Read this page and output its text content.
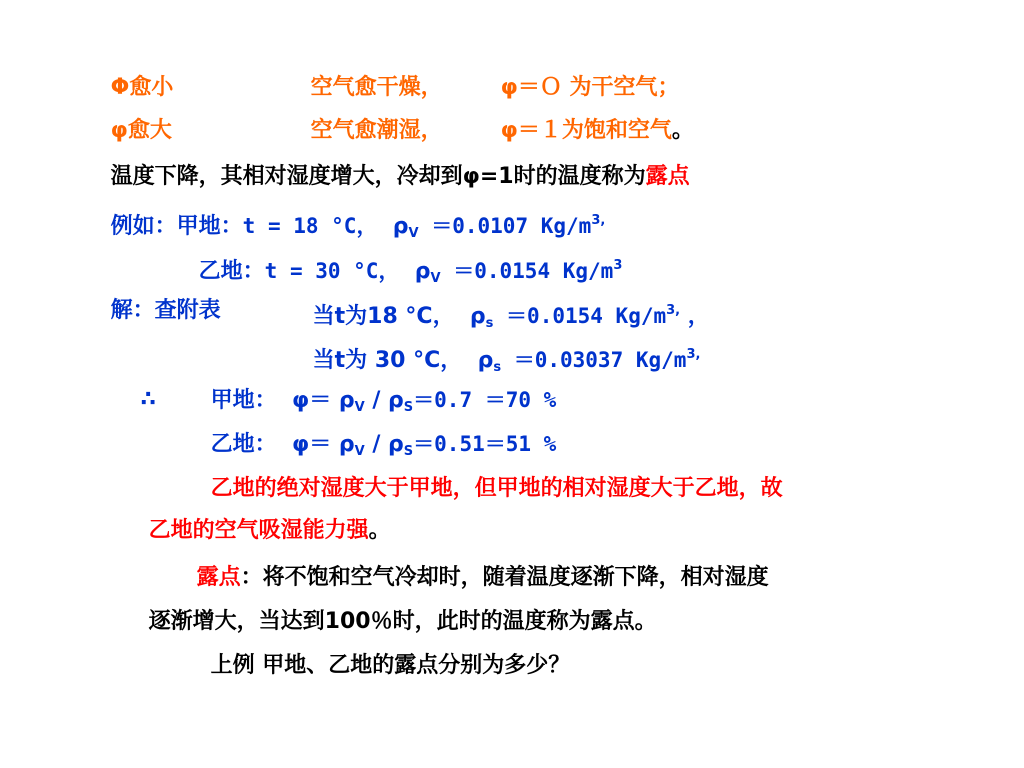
Φ愈小
	空气愈干燥，
	φ＝Ｏ 为干空气；

φ愈大
	空气愈潮湿，
	φ＝１为饱和空气。

温度下降，其相对湿度增大，冷却到φ=1时的温度称为露点

例如：甲地：t = 18 °C， $\rho_V =0.0107$ $Kg/m^{3,}$

乙地：t = 30 °C， $\rho_V =0.0154$ $Kg/m^3$

解：查附表
	当t为18 °C， $\rho_s =0.0154$ $Kg/m^{3,}$ ，

当t为 30 °C， $\rho_s =0.03037$ $Kg/m^{3,}$

∴
	甲地： $\varphi= \rho_V / \rho_S=0.7 =70$ %

乙地： $\varphi= \rho_V / \rho_S=0.51=51$ %

乙地的绝对湿度大于甲地，但甲地的相对湿度大于乙地，故

乙地的空气吸湿能力强。

露点：将不饱和空气冷却时，随着温度逐渐下降，相对湿度

逐渐增大，当达到100％时，此时的温度称为露点。

上例 甲地、乙地的露点分别为多少？
